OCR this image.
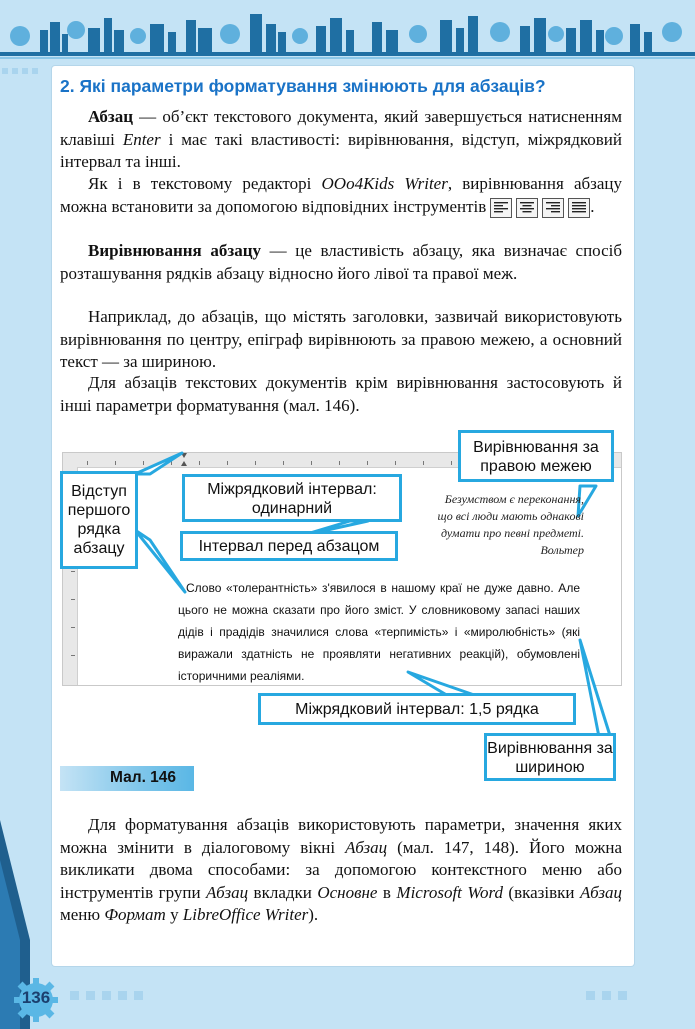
2. Які параметри форматування змінюють для абзаців?

Абзац — об’єкт текстового документа, який завершується натисненням клавіші Enter і має такі властивості: вирівнювання, відступ, міжрядковий інтервал та інші.

Як і в текстовому редакторі OOo4Kids Writer, вирівнювання абзацу можна встановити за допомогою відповідних інструментів	.

Вирівнювання абзацу — це властивість абзацу, яка визначає спосіб розташування рядків абзацу відносно його лівої та правої меж.

Наприклад, до абзаців, що містять заголовки, зазвичай використовують вирівнювання по центру, епіграф вирівнюють за правою межею, а основний текст — за шириною.

Для абзаців текстових документів крім вирівнювання застосовують й інші параметри форматування (мал. 146).

Вирівнювання за правою межею
Відступ першого рядка абзацу
Міжрядковий інтервал: одинарний
Інтервал перед абзацом
Міжрядковий інтервал: 1,5 рядка
Вирівнювання за шириною
Безумством є переконання,
що всі люди мають однакові
думати про певні предметі.
Вольтер
Слово «толерантність» з'явилося в нашому краї не дуже давно. Але цього не можна сказати про його зміст. У словниковому запасі наших дідів і прадідів значилися слова «терпимість» і «миролюбність» (які виражали здатність не проявляти негативних реакцій), обумовлені історичними реаліями.
Мал. 146

Для форматування абзаців використовують параметри, значення яких можна змінити в діалоговому вікні Абзац (мал. 147, 148). Його можна викликати двома способами: за допомогою контекстного меню або інструментів групи Абзац вкладки Основне в Microsoft Word (вказівки Абзац меню Формат у LibreOffice Writer).

136
